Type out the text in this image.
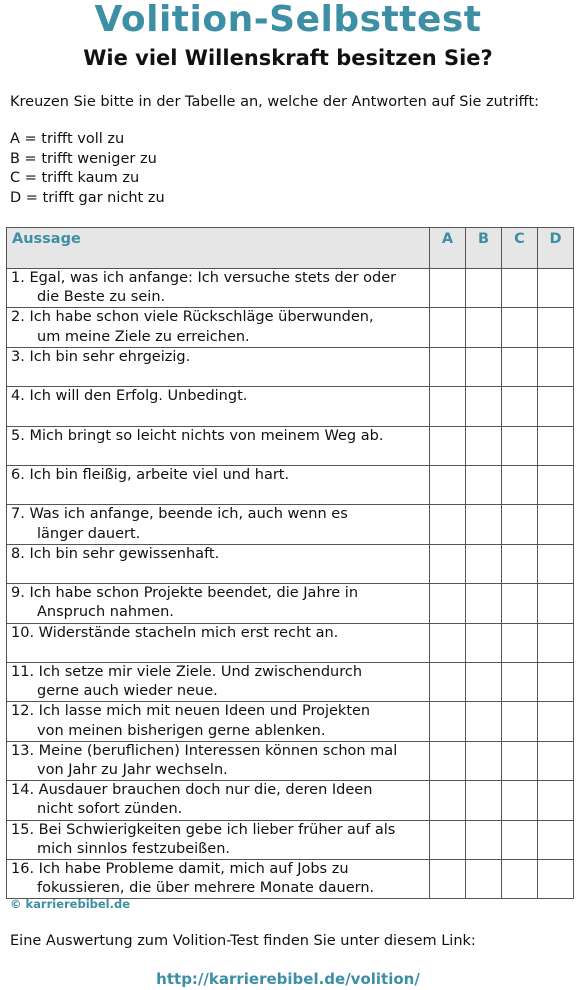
Volition-Selbsttest
Wie viel Willenskraft besitzen Sie?
Kreuzen Sie bitte in der Tabelle an, welche der Antworten auf Sie zutrifft:
A = trifft voll zu
B = trifft weniger zu
C = trifft kaum zu
D = trifft gar nicht zu
Aussage	A	B	C	D

1. Egal, was ich anfange: Ich versuche stets der oder
die Beste zu sein.				

2. Ich habe schon viele Rückschläge überwunden,
um meine Ziele zu erreichen.				

3. Ich bin sehr ehrgeizig.				

4. Ich will den Erfolg. Unbedingt.				

5. Mich bringt so leicht nichts von meinem Weg ab.				

6. Ich bin fleißig, arbeite viel und hart.				

7. Was ich anfange, beende ich, auch wenn es
länger dauert.				

8. Ich bin sehr gewissenhaft.				

9. Ich habe schon Projekte beendet, die Jahre in
Anspruch nahmen.				

10. Widerstände stacheln mich erst recht an.				

11. Ich setze mir viele Ziele. Und zwischendurch
gerne auch wieder neue.				

12. Ich lasse mich mit neuen Ideen und Projekten
von meinen bisherigen gerne ablenken.				

13. Meine (beruflichen) Interessen können schon mal
von Jahr zu Jahr wechseln.				

14. Ausdauer brauchen doch nur die, deren Ideen
nicht sofort zünden.				

15. Bei Schwierigkeiten gebe ich lieber früher auf als
mich sinnlos festzubeißen.				

16. Ich habe Probleme damit, mich auf Jobs zu
fokussieren, die über mehrere Monate dauern.				

© karrierebibel.de
Eine Auswertung zum Volition-Test finden Sie unter diesem Link:
http://karrierebibel.de/volition/
